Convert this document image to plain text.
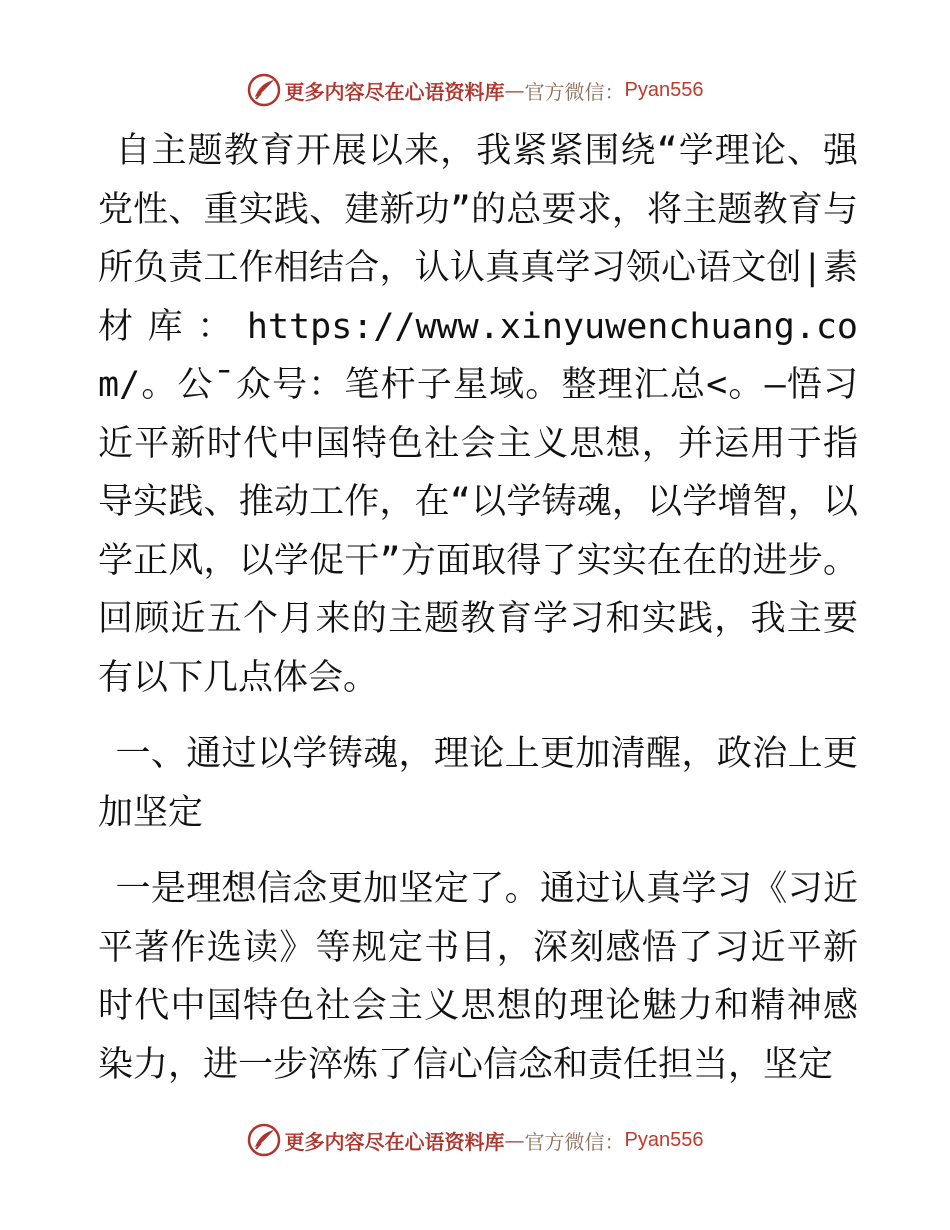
更多内容尽在心语资料库 — 官方微信： Pyan556

自主题教育开展以来，我紧紧围绕“学理论、强党性、重实践、建新功”的总要求，将主题教育与所负责工作相结合，认认真真学习领心语文创|素材库：https://www.xinyuwenchuang.com/。公¯众号：笔杆子星域。整理汇总<。—悟习近平新时代中国特色社会主义思想，并运用于指导实践、推动工作，在“以学铸魂，以学增智，以学正风，以学促干”方面取得了实实在在的进步。回顾近五个月来的主题教育学习和实践，我主要有以下几点体会。

一、通过以学铸魂，理论上更加清醒，政治上更加坚定

一是理想信念更加坚定了。通过认真学习《习近平著作选读》等规定书目，深刻感悟了习近平新时代中国特色社会主义思想的理论魅力和精神感染力，进一步淬炼了信心信念和责任担当，坚定

更多内容尽在心语资料库 — 官方微信： Pyan556
